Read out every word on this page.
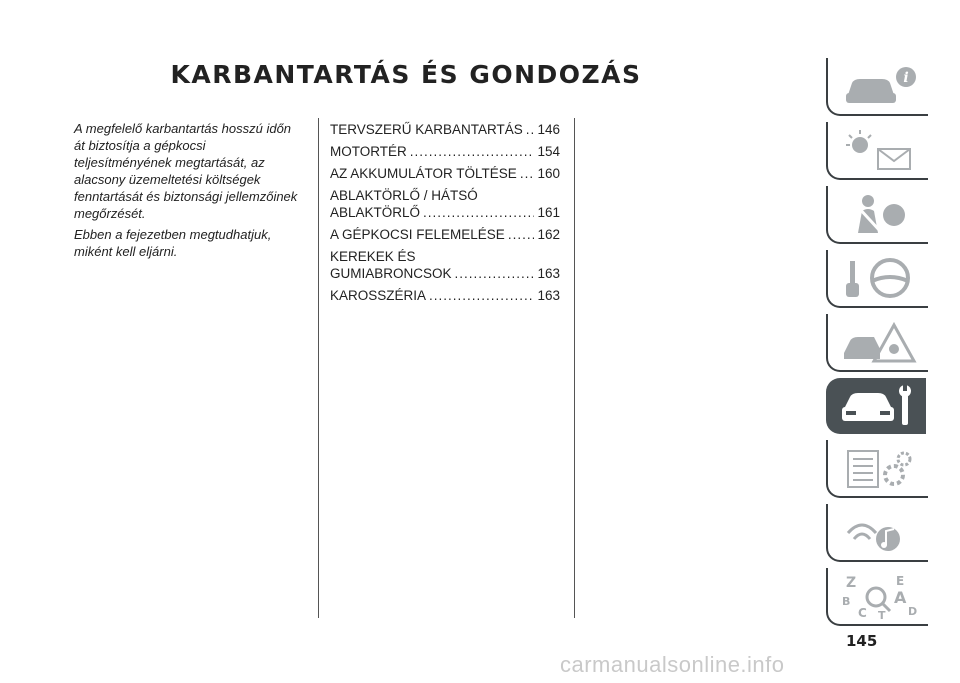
KARBANTARTÁS ÉS GONDOZÁS

A megfelelő karbantartás hosszú időn át biztosítja a gépkocsi teljesítményének megtartását, az alacsony üzemeltetési költségek fenntartását és biztonsági jellemzőinek megőrzését.

Ebben a fejezetben megtudhatjuk, miként kell eljárni.

TERVSZERŰ KARBANTARTÁS ..... 146
MOTORTÉR .....	154
AZ AKKUMULÁTOR TÖLTÉSE ..... 160
ABLAKTÖRLŐ / HÁTSÓ
ABLAKTÖRLŐ .....	161
A GÉPKOCSI FELEMELÉSE ..... 162
KEREKEK ÉS
GUMIABRONCSOK .....	163
KAROSSZÉRIA .....	163
i
Z	E
B	A
C	D
T
145
carmanualsonline.info
